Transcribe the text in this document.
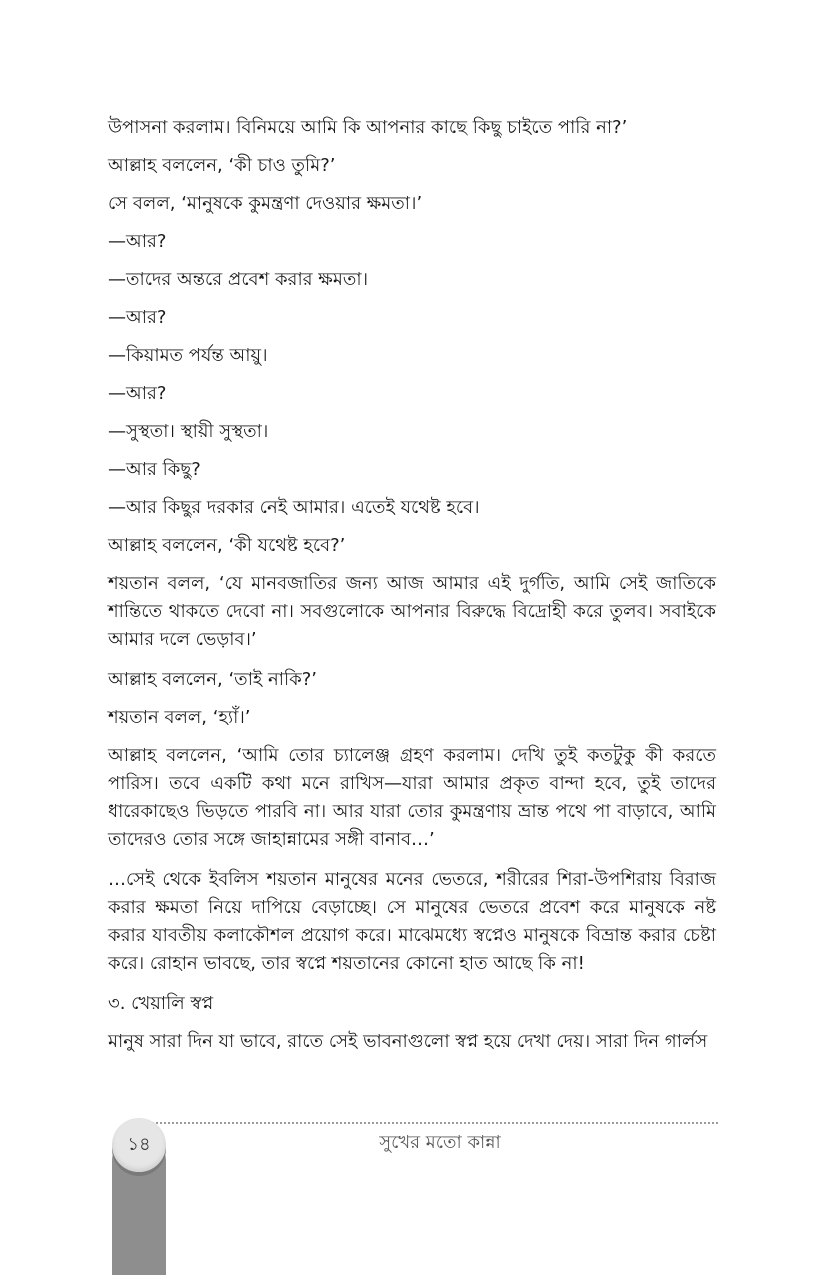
উপাসনা করলাম। বিনিময়ে আমি কি আপনার কাছে কিছু চাইতে পারি না?’

আল্লাহ বললেন, ‘কী চাও তুমি?’

সে বলল, ‘মানুষকে কুমন্ত্রণা দেওয়ার ক্ষমতা।’

—আর?

—তাদের অন্তরে প্রবেশ করার ক্ষমতা।

—আর?

—কিয়ামত পর্যন্ত আয়ু।

—আর?

—সুস্থতা। স্থায়ী সুস্থতা।

—আর কিছু?

—আর কিছুর দরকার নেই আমার। এতেই যথেষ্ট হবে।

আল্লাহ বললেন, ‘কী যথেষ্ট হবে?’

শয়তান বলল, ‘যে মানবজাতির জন্য আজ আমার এই দুর্গতি, আমি সেই জাতিকে শান্তিতে থাকতে দেবো না। সবগুলোকে আপনার বিরুদ্ধে বিদ্রোহী করে তুলব। সবাইকে আমার দলে ভেড়াব।’

আল্লাহ বললেন, ‘তাই নাকি?’

শয়তান বলল, ‘হ্যাঁ।’

আল্লাহ বললেন, ‘আমি তোর চ্যালেঞ্জ গ্রহণ করলাম। দেখি তুই কতটুকু কী করতে পারিস। তবে একটি কথা মনে রাখিস—যারা আমার প্রকৃত বান্দা হবে, তুই তাদের ধারেকাছেও ভিড়তে পারবি না। আর যারা তোর কুমন্ত্রণায় ভ্রান্ত পথে পা বাড়াবে, আমি তাদেরও তোর সঙ্গে জাহান্নামের সঙ্গী বানাব…’

…সেই থেকে ইবলিস শয়তান মানুষের মনের ভেতরে, শরীরের শিরা-উপশিরায় বিরাজ করার ক্ষমতা নিয়ে দাপিয়ে বেড়াচ্ছে। সে মানুষের ভেতরে প্রবেশ করে মানুষকে নষ্ট করার যাবতীয় কলাকৌশল প্রয়োগ করে। মাঝেমধ্যে স্বপ্নেও মানুষকে বিভ্রান্ত করার চেষ্টা করে। রোহান ভাবছে, তার স্বপ্নে শয়তানের কোনো হাত আছে কি না!

৩. খেয়ালি স্বপ্ন

মানুষ সারা দিন যা ভাবে, রাতে সেই ভাবনাগুলো স্বপ্ন হয়ে দেখা দেয়। সারা দিন গার্লস

১৪	সুখের মতো কান্না
